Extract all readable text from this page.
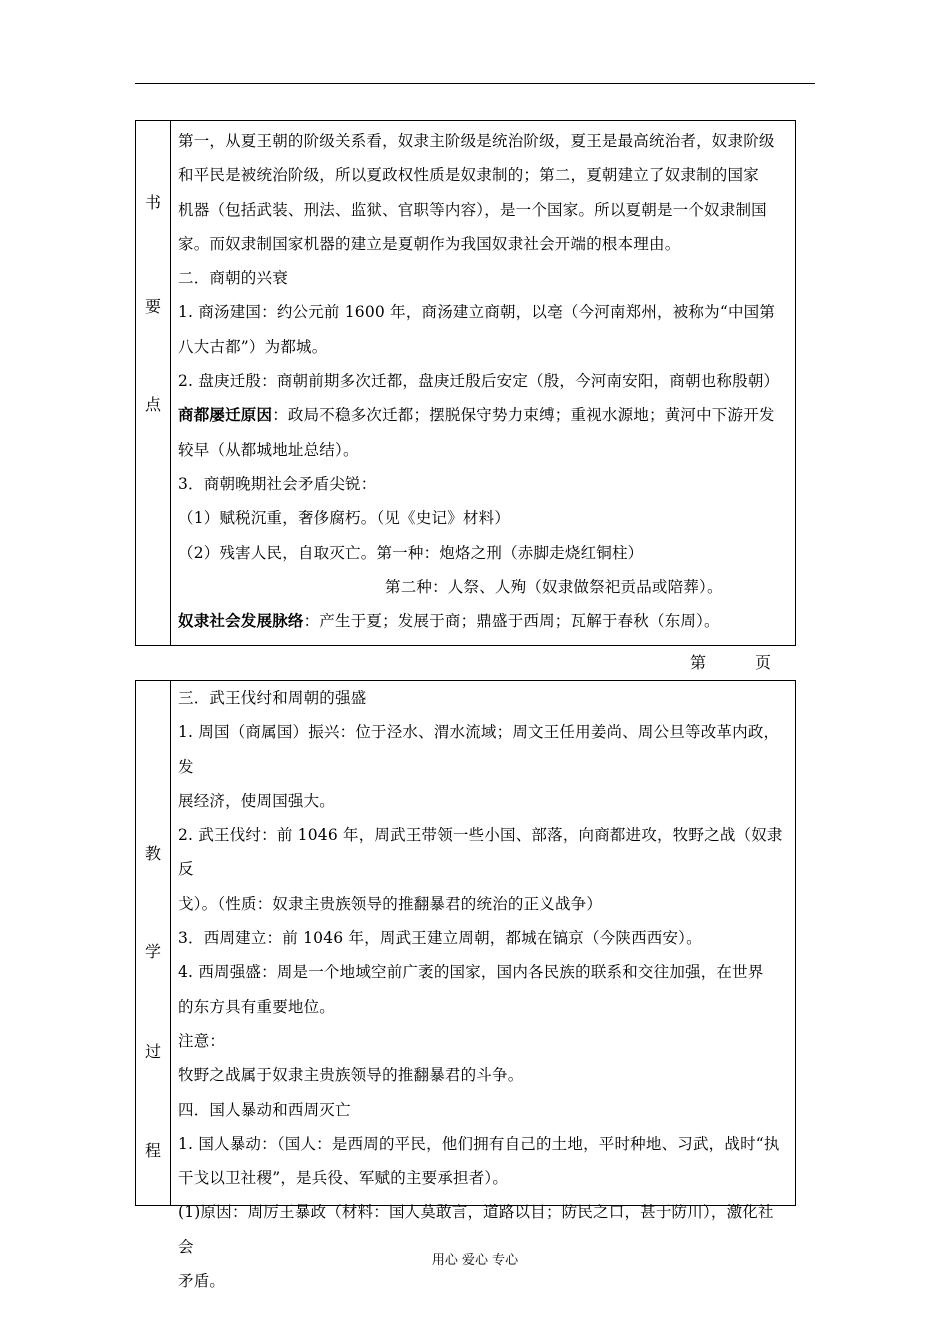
书
要
点

第一，从夏王朝的阶级关系看，奴隶主阶级是统治阶级，夏王是最高统治者，奴隶阶级

和平民是被统治阶级，所以夏政权性质是奴隶制的；第二，夏朝建立了奴隶制的国家

机器（包括武装、刑法、监狱、官职等内容），是一个国家。所以夏朝是一个奴隶制国

家。而奴隶制国家机器的建立是夏朝作为我国奴隶社会开端的根本理由。

二．商朝的兴衰

1. 商汤建国：约公元前 1600 年，商汤建立商朝，以亳（今河南郑州，被称为“中国第

八大古都”）为都城。

2. 盘庚迁殷：商朝前期多次迁都，盘庚迁殷后安定（殷，今河南安阳，商朝也称殷朝）

商都屡迁原因：政局不稳多次迁都；摆脱保守势力束缚；重视水源地；黄河中下游开发

较早（从都城地址总结）。

3．商朝晚期社会矛盾尖锐：

（1）赋税沉重，奢侈腐朽。（见《史记》材料）

（2）残害人民，自取灭亡。第一种：炮烙之刑（赤脚走烧红铜柱）

第二种：人祭、人殉（奴隶做祭祀贡品或陪葬）。

奴隶社会发展脉络：产生于夏；发展于商；鼎盛于西周；瓦解于春秋（东周）。

第	页
教
学
过
程

三．武王伐纣和周朝的强盛

1. 周国（商属国）振兴：位于泾水、渭水流域；周文王任用姜尚、周公旦等改革内政，发

展经济，使周国强大。

2. 武王伐纣：前 1046 年，周武王带领一些小国、部落，向商都进攻，牧野之战（奴隶反

戈）。（性质：奴隶主贵族领导的推翻暴君的统治的正义战争）

3．西周建立：前 1046 年，周武王建立周朝，都城在镐京（今陕西西安）。

4. 西周强盛：周是一个地域空前广袤的国家，国内各民族的联系和交往加强，在世界

的东方具有重要地位。

注意：

牧野之战属于奴隶主贵族领导的推翻暴君的斗争。

四．国人暴动和西周灭亡

1. 国人暴动：（国人：是西周的平民，他们拥有自己的土地，平时种地、习武，战时“执

干戈以卫社稷”，是兵役、军赋的主要承担者）。

(1)原因：周厉王暴政（材料：国人莫敢言，道路以目；防民之口，甚于防川），激化社会

矛盾。

用心 爱心 专心
